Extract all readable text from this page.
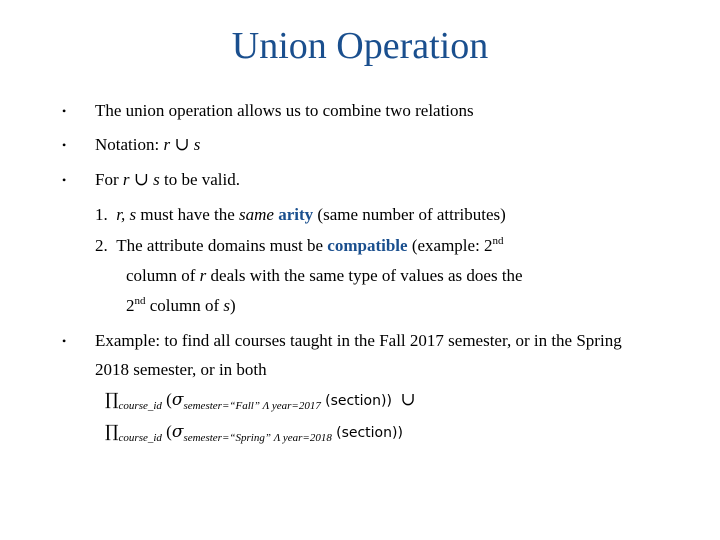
Union Operation
• The union operation allows us to combine two relations
• Notation: r ∪ s
• For r ∪ s to be valid.
1. r, s must have the same arity (same number of attributes)
2. The attribute domains must be compatible (example: 2nd
column of r deals with the same type of values as does the
2nd column of s)
• Example: to find all courses taught in the Fall 2017 semester, or in the Spring
2018 semester, or in both
$\prod_{course\_id}$ ($\sigma_{semester=“Fall” \Lambda year=2017}$ (section)) ∪
$\prod_{course\_id}$ ($\sigma_{semester=“Spring” \Lambda year=2018}$ (section))
